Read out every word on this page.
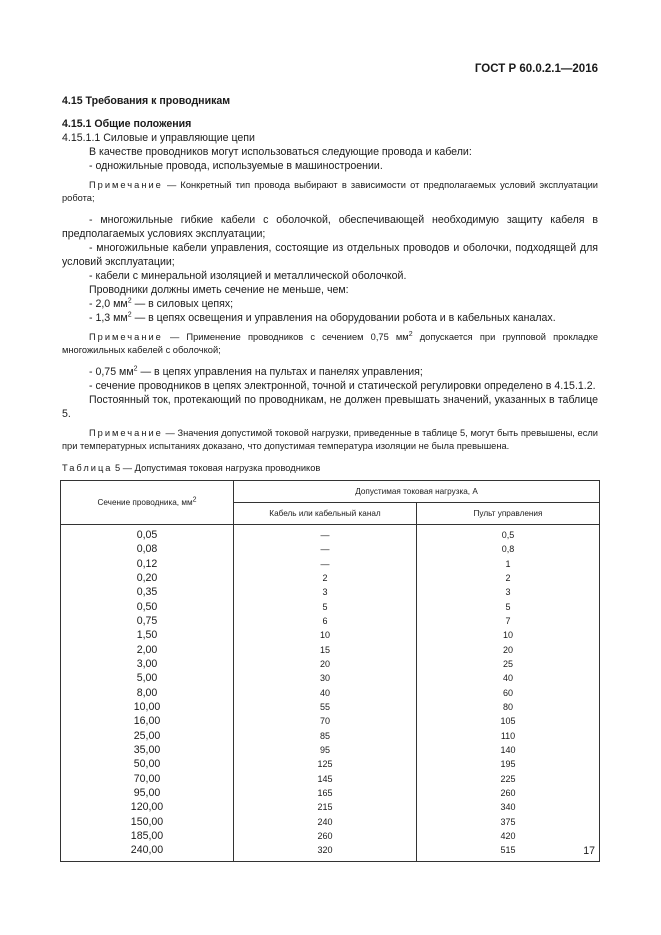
ГОСТ Р 60.0.2.1—2016

4.15 Требования к проводникам

4.15.1 Общие положения

4.15.1.1 Силовые и управляющие цепи

В качестве проводников могут использоваться следующие провода и кабели:

- одножильные провода, используемые в машиностроении.

Примечание — Конкретный тип провода выбирают в зависимости от предполагаемых условий эксплуатации робота;

- многожильные гибкие кабели с оболочкой, обеспечивающей необходимую защиту кабеля в предполагаемых условиях эксплуатации;

- многожильные кабели управления, состоящие из отдельных проводов и оболочки, подходящей для условий эксплуатации;

- кабели с минеральной изоляцией и металлической оболочкой.

Проводники должны иметь сечение не меньше, чем:

- 2,0 $мм^2$ — в силовых цепях;

- 1,3 $мм^2$ — в цепях освещения и управления на оборудовании робота и в кабельных каналах.

Примечание — Применение проводников с сечением 0,75 $мм^2$ допускается при групповой прокладке многожильных кабелей с оболочкой;

- 0,75 $мм^2$ — в цепях управления на пультах и панелях управления;

- сечение проводников в цепях электронной, точной и статической регулировки определено в 4.15.1.2.

Постоянный ток, протекающий по проводникам, не должен превышать значений, указанных в таблице 5.

Примечание — Значения допустимой токовой нагрузки, приведенные в таблице 5, могут быть превышены, если при температурных испытаниях доказано, что допустимая температура изоляции не была превышена.

Таблица 5 — Допустимая токовая нагрузка проводников
Сечение проводника, $мм^2$	Допустимая токовая нагрузка, А	
	Кабель или кабельный канал	Пульт управления
0,05	—	0,5
0,08	—	0,8
0,12	—	1
0,20	2	2
0,35	3	3
0,50	5	5
0,75	6	7
1,50	10	10
2,00	15	20
3,00	20	25
5,00	30	40
8,00	40	60
10,00	55	80
16,00	70	105
25,00	85	110
35,00	95	140
50,00	125	195
70,00	145	225
95,00	165	260
120,00	215	340
150,00	240	375
185,00	260	420
240,00	320	515	17
